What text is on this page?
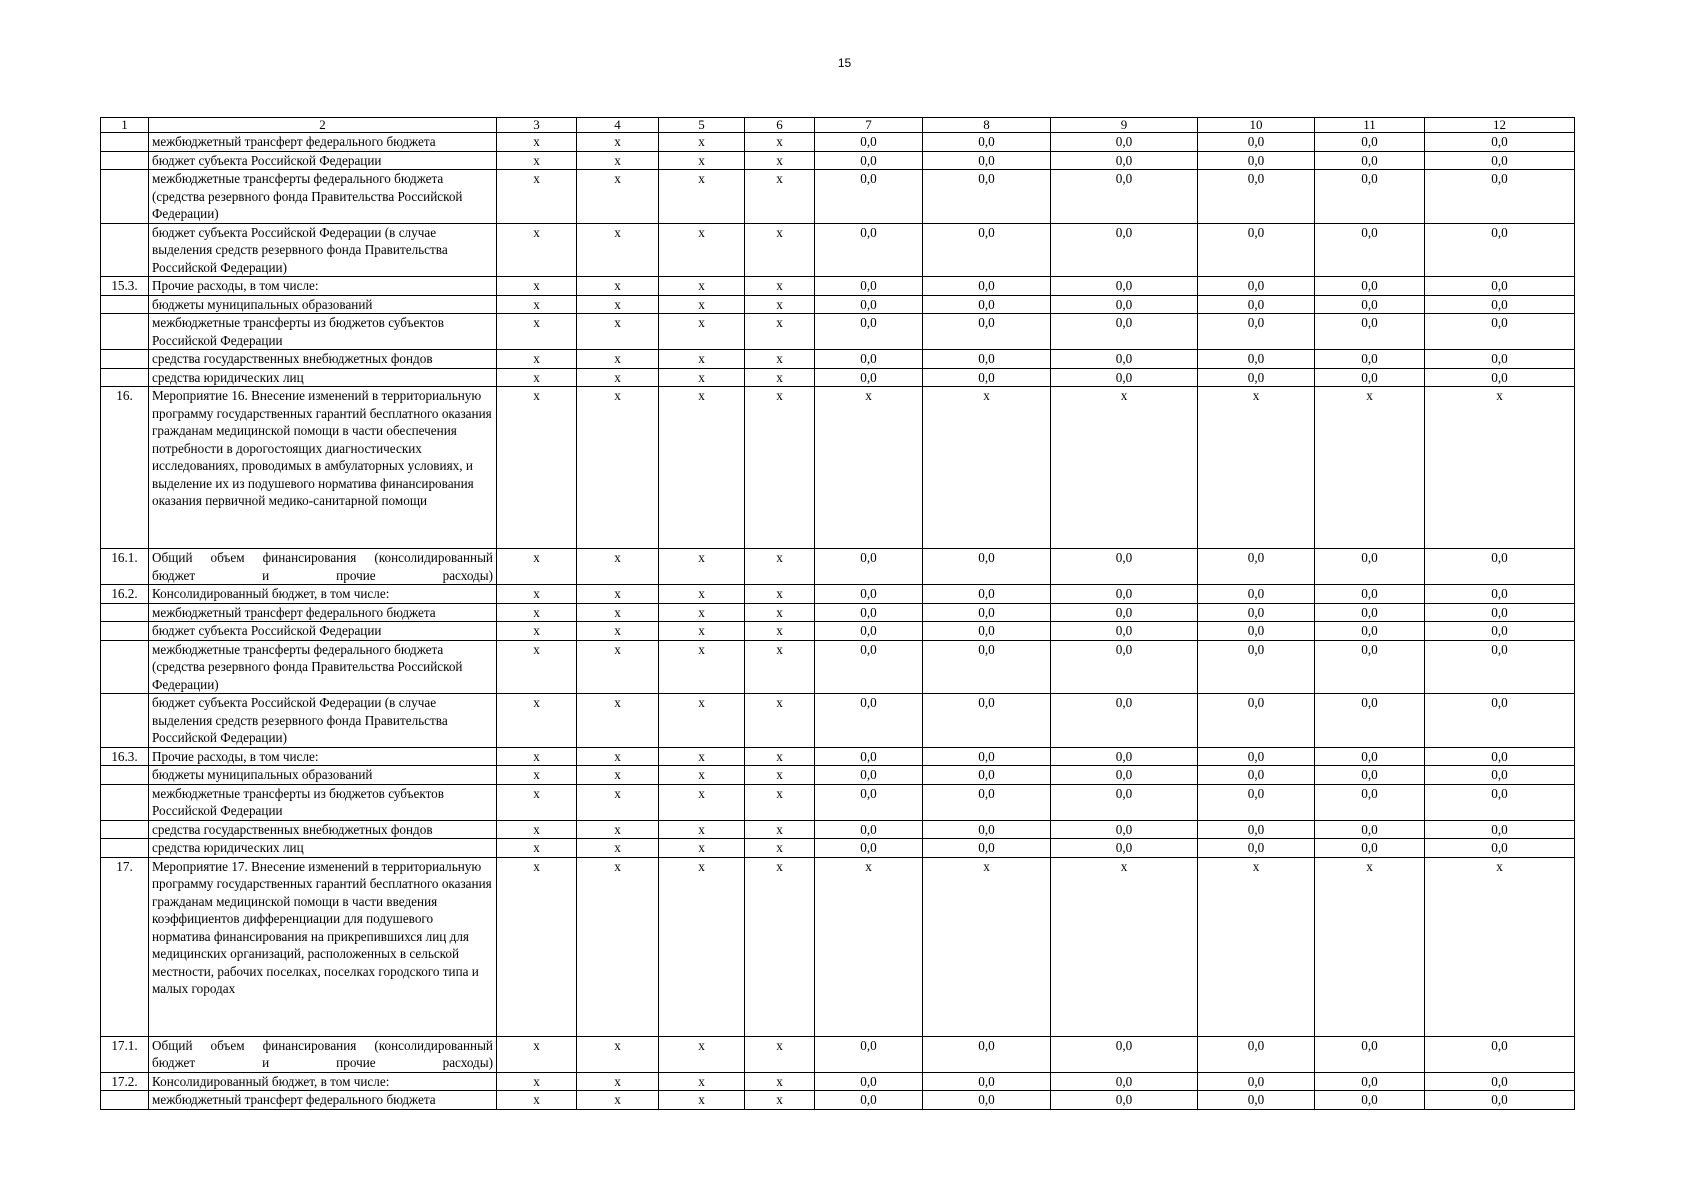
15
1	2	3	4	5	6	7	8	9	10	11	12
	межбюджетный трансферт федерального бюджета	x	x	x	x	0,0	0,0	0,0	0,0	0,0	0,0
	бюджет субъекта Российской Федерации	x	x	x	x	0,0	0,0	0,0	0,0	0,0	0,0
	межбюджетные трансферты федерального бюджета (средства резервного фонда Правительства Российской Федерации)	x	x	x	x	0,0	0,0	0,0	0,0	0,0	0,0
	бюджет субъекта Российской Федерации (в случае выделения средств резервного фонда Правительства Российской Федерации)	x	x	x	x	0,0	0,0	0,0	0,0	0,0	0,0
15.3.	Прочие расходы, в том числе:	x	x	x	x	0,0	0,0	0,0	0,0	0,0	0,0
	бюджеты муниципальных образований	x	x	x	x	0,0	0,0	0,0	0,0	0,0	0,0
	межбюджетные трансферты из бюджетов субъектов Российской Федерации	x	x	x	x	0,0	0,0	0,0	0,0	0,0	0,0
	средства государственных внебюджетных фондов	x	x	x	x	0,0	0,0	0,0	0,0	0,0	0,0
	средства юридических лиц	x	x	x	x	0,0	0,0	0,0	0,0	0,0	0,0
16.	Мероприятие 16. Внесение изменений в территориальную программу государственных гарантий бесплатного оказания гражданам медицинской помощи в части обеспечения потребности в дорогостоящих диагностических исследованиях, проводимых в амбулаторных условиях, и выделение их из подушевого норматива финансирования оказания первичной медико-санитарной помощи	x	x	x	x	x	x	x	x	x	x
16.1.	Общий объем финансирования (консолидированный бюджет и прочие расходы)	x	x	x	x	0,0	0,0	0,0	0,0	0,0	0,0
16.2.	Консолидированный бюджет, в том числе:	x	x	x	x	0,0	0,0	0,0	0,0	0,0	0,0
	межбюджетный трансферт федерального бюджета	x	x	x	x	0,0	0,0	0,0	0,0	0,0	0,0
	бюджет субъекта Российской Федерации	x	x	x	x	0,0	0,0	0,0	0,0	0,0	0,0
	межбюджетные трансферты федерального бюджета (средства резервного фонда Правительства Российской Федерации)	x	x	x	x	0,0	0,0	0,0	0,0	0,0	0,0
	бюджет субъекта Российской Федерации (в случае выделения средств резервного фонда Правительства Российской Федерации)	x	x	x	x	0,0	0,0	0,0	0,0	0,0	0,0
16.3.	Прочие расходы, в том числе:	x	x	x	x	0,0	0,0	0,0	0,0	0,0	0,0
	бюджеты муниципальных образований	x	x	x	x	0,0	0,0	0,0	0,0	0,0	0,0
	межбюджетные трансферты из бюджетов субъектов Российской Федерации	x	x	x	x	0,0	0,0	0,0	0,0	0,0	0,0
	средства государственных внебюджетных фондов	x	x	x	x	0,0	0,0	0,0	0,0	0,0	0,0
	средства юридических лиц	x	x	x	x	0,0	0,0	0,0	0,0	0,0	0,0
17.	Мероприятие 17. Внесение изменений в территориальную программу государственных гарантий бесплатного оказания гражданам медицинской помощи в части введения коэффициентов дифференциации для подушевого норматива финансирования на прикрепившихся лиц для медицинских организаций, расположенных в сельской местности, рабочих поселках, поселках городского типа и малых городах	x	x	x	x	x	x	x	x	x	x
17.1.	Общий объем финансирования (консолидированный бюджет и прочие расходы)	x	x	x	x	0,0	0,0	0,0	0,0	0,0	0,0
17.2.	Консолидированный бюджет, в том числе:	x	x	x	x	0,0	0,0	0,0	0,0	0,0	0,0
	межбюджетный трансферт федерального бюджета	x	x	x	x	0,0	0,0	0,0	0,0	0,0	0,0
